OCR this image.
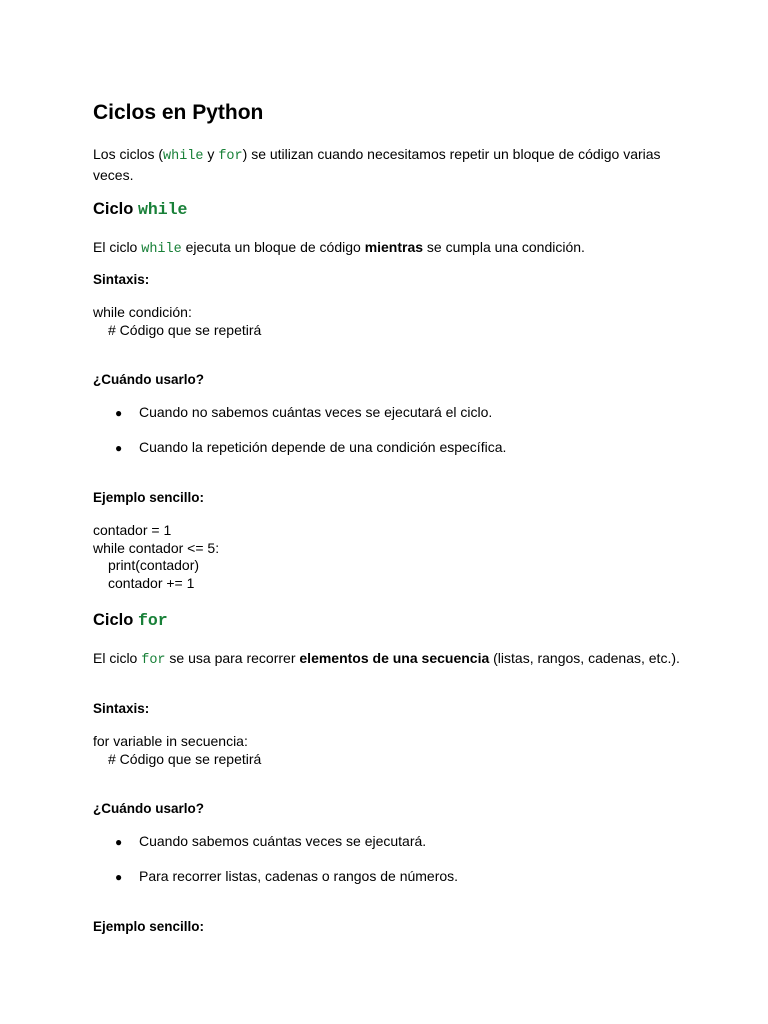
Ciclos en Python

Los ciclos (while y for) se utilizan cuando necesitamos repetir un bloque de código varias veces.

Ciclo while

El ciclo while ejecuta un bloque de código mientras se cumpla una condición.

Sintaxis:
while condición:
# Código que se repetirá
¿Cuándo usarlo?
● Cuando no sabemos cuántas veces se ejecutará el ciclo.
● Cuando la repetición depende de una condición específica.
Ejemplo sencillo:
contador = 1
while contador <= 5:
print(contador)
contador += 1
Ciclo for

El ciclo for se usa para recorrer elementos de una secuencia (listas, rangos, cadenas, etc.).

Sintaxis:
for variable in secuencia:
# Código que se repetirá
¿Cuándo usarlo?
● Cuando sabemos cuántas veces se ejecutará.
● Para recorrer listas, cadenas o rangos de números.
Ejemplo sencillo:
